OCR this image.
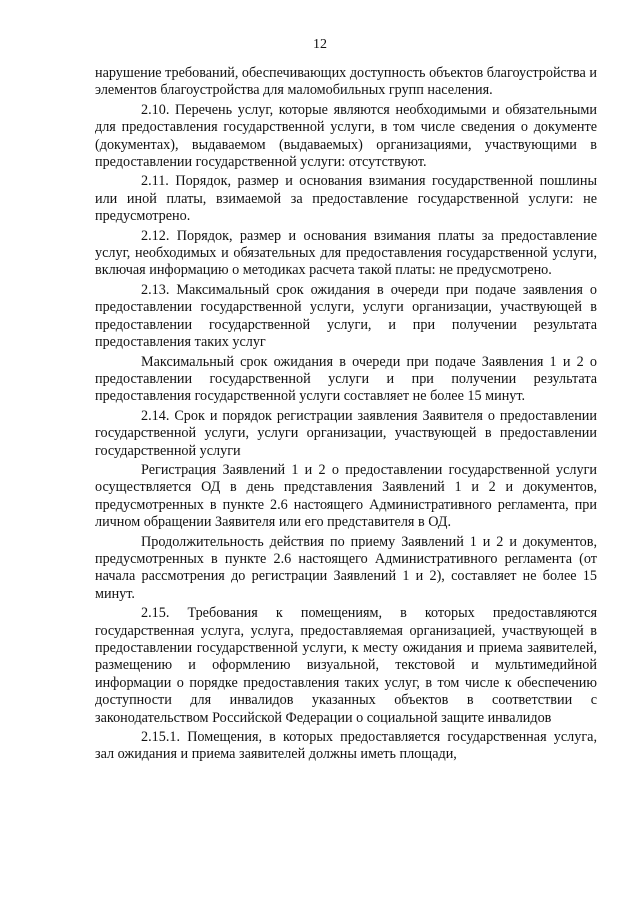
12

нарушение требований, обеспечивающих доступность объектов благоустройства и элементов благоустройства для маломобильных групп населения.

2.10. Перечень услуг, которые являются необходимыми и обязательными для предоставления государственной услуги, в том числе сведения о документе (документах), выдаваемом (выдаваемых) организациями, участвующими в предоставлении государственной услуги: отсутствуют.

2.11. Порядок, размер и основания взимания государственной пошлины или иной платы, взимаемой за предоставление государственной услуги: не предусмотрено.

2.12. Порядок, размер и основания взимания платы за предоставление услуг, необходимых и обязательных для предоставления государственной услуги, включая информацию о методиках расчета такой платы: не предусмотрено.

2.13. Максимальный срок ожидания в очереди при подаче заявления о предоставлении государственной услуги, услуги организации, участвующей в предоставлении государственной услуги, и при получении результата предоставления таких услуг

Максимальный срок ожидания в очереди при подаче Заявления 1 и 2 о предоставлении государственной услуги и при получении результата предоставления государственной услуги составляет не более 15 минут.

2.14. Срок и порядок регистрации заявления Заявителя о предоставлении государственной услуги, услуги организации, участвующей в предоставлении государственной услуги

Регистрация Заявлений 1 и 2 о предоставлении государственной услуги осуществляется ОД в день представления Заявлений 1 и 2 и документов, предусмотренных в пункте 2.6 настоящего Административного регламента, при личном обращении Заявителя или его представителя в ОД.

Продолжительность действия по приему Заявлений 1 и 2 и документов, предусмотренных в пункте 2.6 настоящего Административного регламента (от начала рассмотрения до регистрации Заявлений 1 и 2), составляет не более 15 минут.

2.15. Требования к помещениям, в которых предоставляются государственная услуга, услуга, предоставляемая организацией, участвующей в предоставлении государственной услуги, к месту ожидания и приема заявителей, размещению и оформлению визуальной, текстовой и мультимедийной информации о порядке предоставления таких услуг, в том числе к обеспечению доступности для инвалидов указанных объектов в соответствии с законодательством Российской Федерации о социальной защите инвалидов

2.15.1. Помещения, в которых предоставляется государственная услуга, зал ожидания и приема заявителей должны иметь площади,
